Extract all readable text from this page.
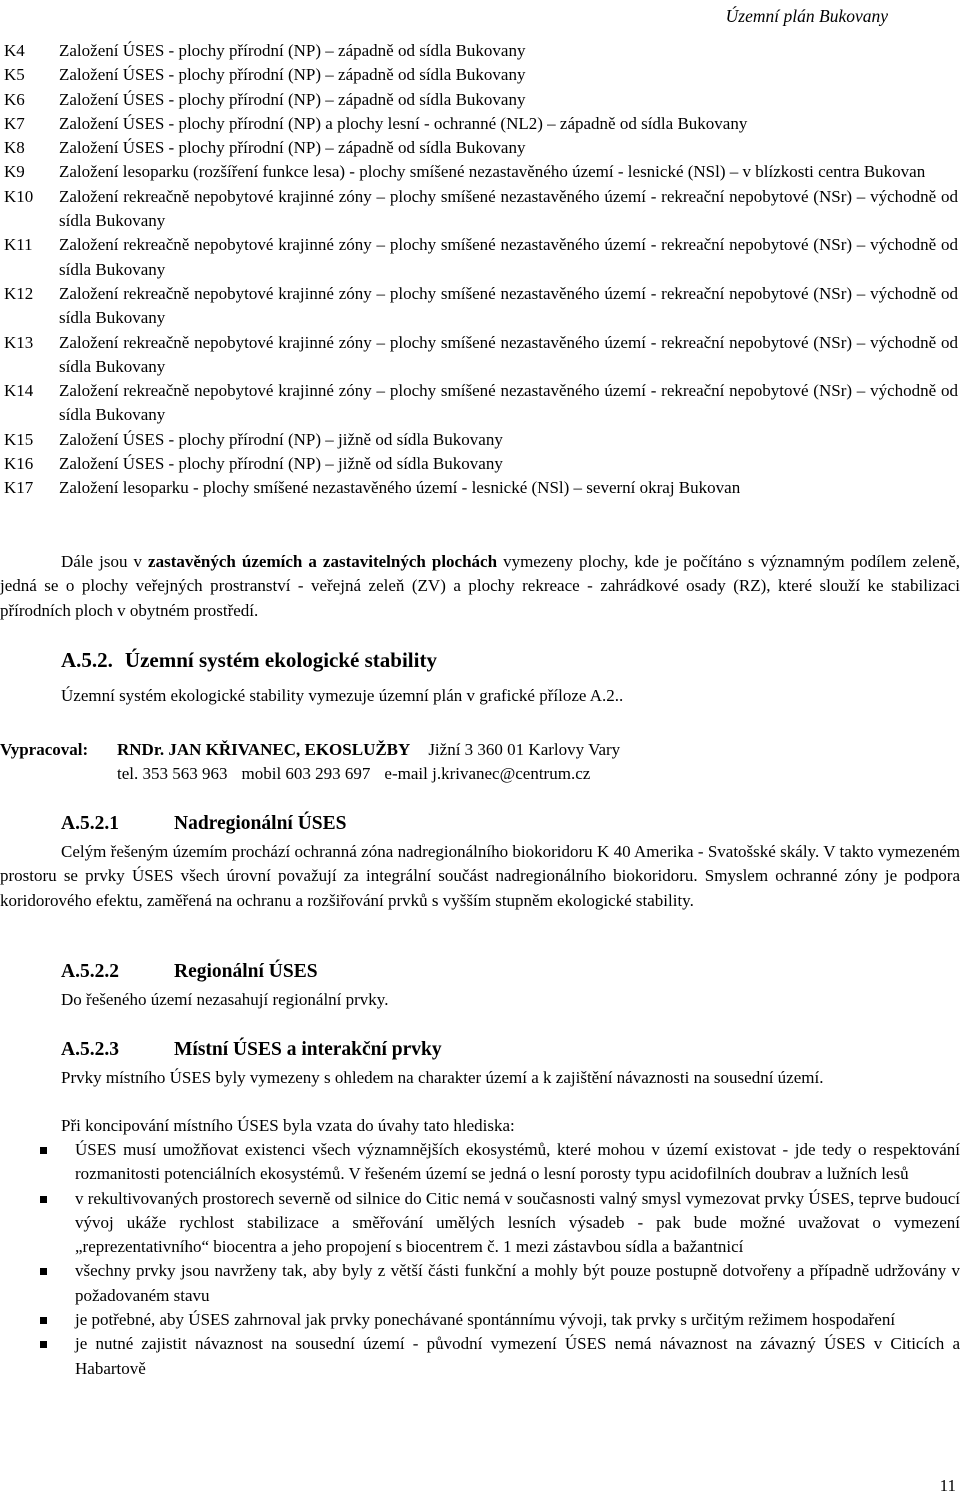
Územní plán Bukovany
K4	Založení ÚSES - plochy přírodní (NP) – západně od sídla Bukovany
K5	Založení ÚSES - plochy přírodní (NP) – západně od sídla Bukovany
K6	Založení ÚSES - plochy přírodní (NP) – západně od sídla Bukovany
K7	Založení ÚSES - plochy přírodní (NP) a plochy lesní - ochranné (NL2) – západně od sídla Bukovany
K8	Založení ÚSES - plochy přírodní (NP) – západně od sídla Bukovany
K9	Založení lesoparku (rozšíření funkce lesa) - plochy smíšené nezastavěného území - lesnické (NSl) – v blízkosti centra Bukovan
K10	Založení rekreačně nepobytové krajinné zóny – plochy smíšené nezastavěného území - rekreační nepobytové (NSr) – východně od sídla Bukovany
K11	Založení rekreačně nepobytové krajinné zóny – plochy smíšené nezastavěného území - rekreační nepobytové (NSr) – východně od sídla Bukovany
K12	Založení rekreačně nepobytové krajinné zóny – plochy smíšené nezastavěného území - rekreační nepobytové (NSr) – východně od sídla Bukovany
K13	Založení rekreačně nepobytové krajinné zóny – plochy smíšené nezastavěného území - rekreační nepobytové (NSr) – východně od sídla Bukovany
K14	Založení rekreačně nepobytové krajinné zóny – plochy smíšené nezastavěného území - rekreační nepobytové (NSr) – východně od sídla Bukovany
K15	Založení ÚSES - plochy přírodní (NP) – jižně od sídla Bukovany
K16	Založení ÚSES - plochy přírodní (NP) – jižně od sídla Bukovany
K17	Založení lesoparku - plochy smíšené nezastavěného území - lesnické (NSl) – severní okraj Bukovan
Dále jsou v zastavěných územích a zastavitelných plochách vymezeny plochy, kde je počítáno s významným podílem zeleně, jedná se o plochy veřejných prostranství - veřejná zeleň (ZV) a plochy rekreace - zahrádkové osady (RZ), které slouží ke stabilizaci přírodních ploch v obytném prostředí.
A.5.2. Územní systém ekologické stability
Územní systém ekologické stability vymezuje územní plán v grafické příloze A.2..
Vypracoval: RNDr. JAN KŘIVANEC, EKOSLUŽBY Jižní 3 360 01 Karlovy Vary
tel. 353 563 963 mobil 603 293 697 e-mail j.krivanec@centrum.cz
A.5.2.1	Nadregionální ÚSES
Celým řešeným územím prochází ochranná zóna nadregionálního biokoridoru K 40 Amerika - Svatošské skály. V takto vymezeném prostoru se prvky ÚSES všech úrovní považují za integrální součást nadregionálního biokoridoru. Smyslem ochranné zóny je podpora koridorového efektu, zaměřená na ochranu a rozšiřování prvků s vyšším stupněm ekologické stability.
A.5.2.2	Regionální ÚSES
Do řešeného území nezasahují regionální prvky.
A.5.2.3	Místní ÚSES a interakční prvky
Prvky místního ÚSES byly vymezeny s ohledem na charakter území a k zajištění návaznosti na sousední území.
Při koncipování místního ÚSES byla vzata do úvahy tato hlediska:
ÚSES musí umožňovat existenci všech významnějších ekosystémů, které mohou v území existovat - jde tedy o respektování rozmanitosti potenciálních ekosystémů. V řešeném území se jedná o lesní porosty typu acidofilních doubrav a lužních lesů
v rekultivovaných prostorech severně od silnice do Citic nemá v současnosti valný smysl vymezovat prvky ÚSES, teprve budoucí vývoj ukáže rychlost stabilizace a směřování umělých lesních výsadeb - pak bude možné uvažovat o vymezení „reprezentativního“ biocentra a jeho propojení s biocentrem č. 1 mezi zástavbou sídla a bažantnicí
všechny prvky jsou navrženy tak, aby byly z větší části funkční a mohly být pouze postupně dotvořeny a případně udržovány v požadovaném stavu
je potřebné, aby ÚSES zahrnoval jak prvky ponechávané spontánnímu vývoji, tak prvky s určitým režimem hospodaření
je nutné zajistit návaznost na sousední území - původní vymezení ÚSES nemá návaznost na závazný ÚSES v Citicích a Habartově
11
